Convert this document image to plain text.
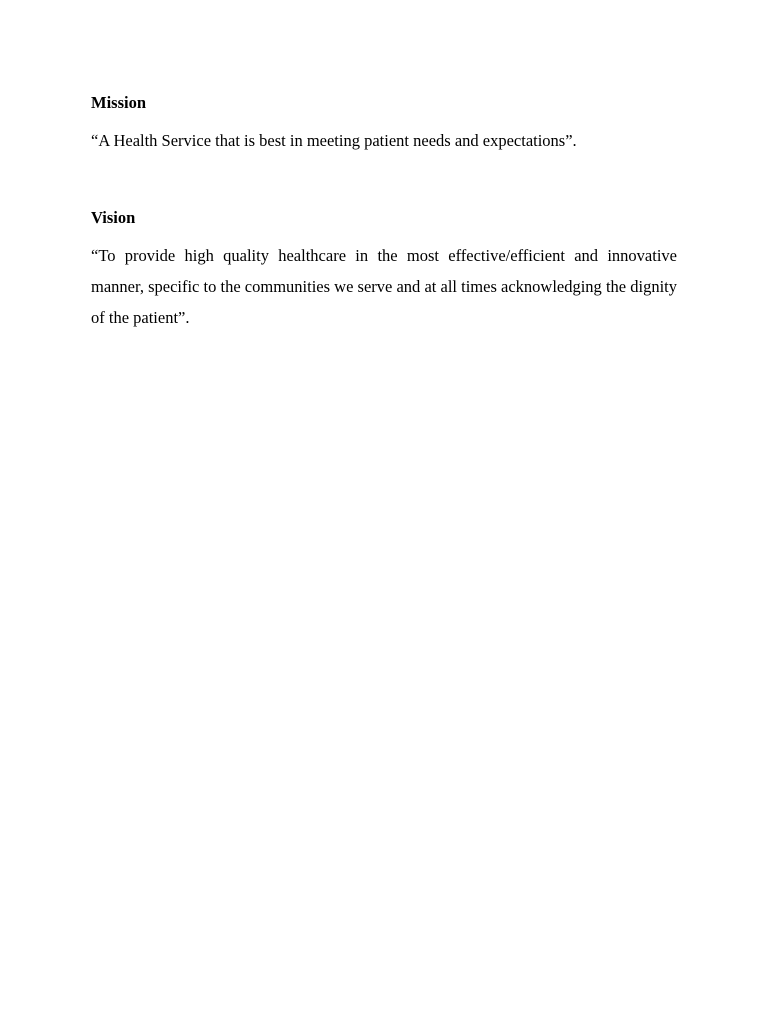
Mission

“A Health Service that is best in meeting patient needs and expectations”.

Vision

“To provide high quality healthcare in the most effective/efficient and innovative manner, specific to the communities we serve and at all times acknowledging the dignity of the patient”.
